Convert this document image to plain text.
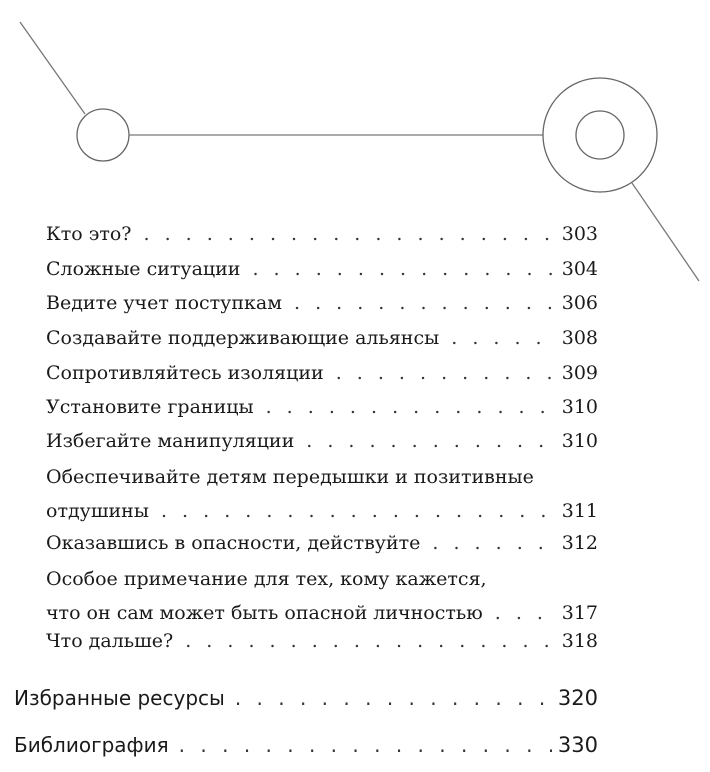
Кто это? . . .	303
Сложные ситуации . . .	304
Ведите учет поступкам . . .	306
Создавайте поддерживающие альянсы . . .	308
Сопротивляйтесь изоляции . . .	309
Установите границы . . .	310
Избегайте манипуляции . . .	310
Обеспечивайте детям передышки и позитивные
отдушины . . .	311
Оказавшись в опасности, действуйте . . .	312
Особое примечание для тех, кому кажется,
что он сам может быть опасной личностью . . .	317
Что дальше? . . .	318
Избранные ресурсы . . .	320
Библиография . . .	330
